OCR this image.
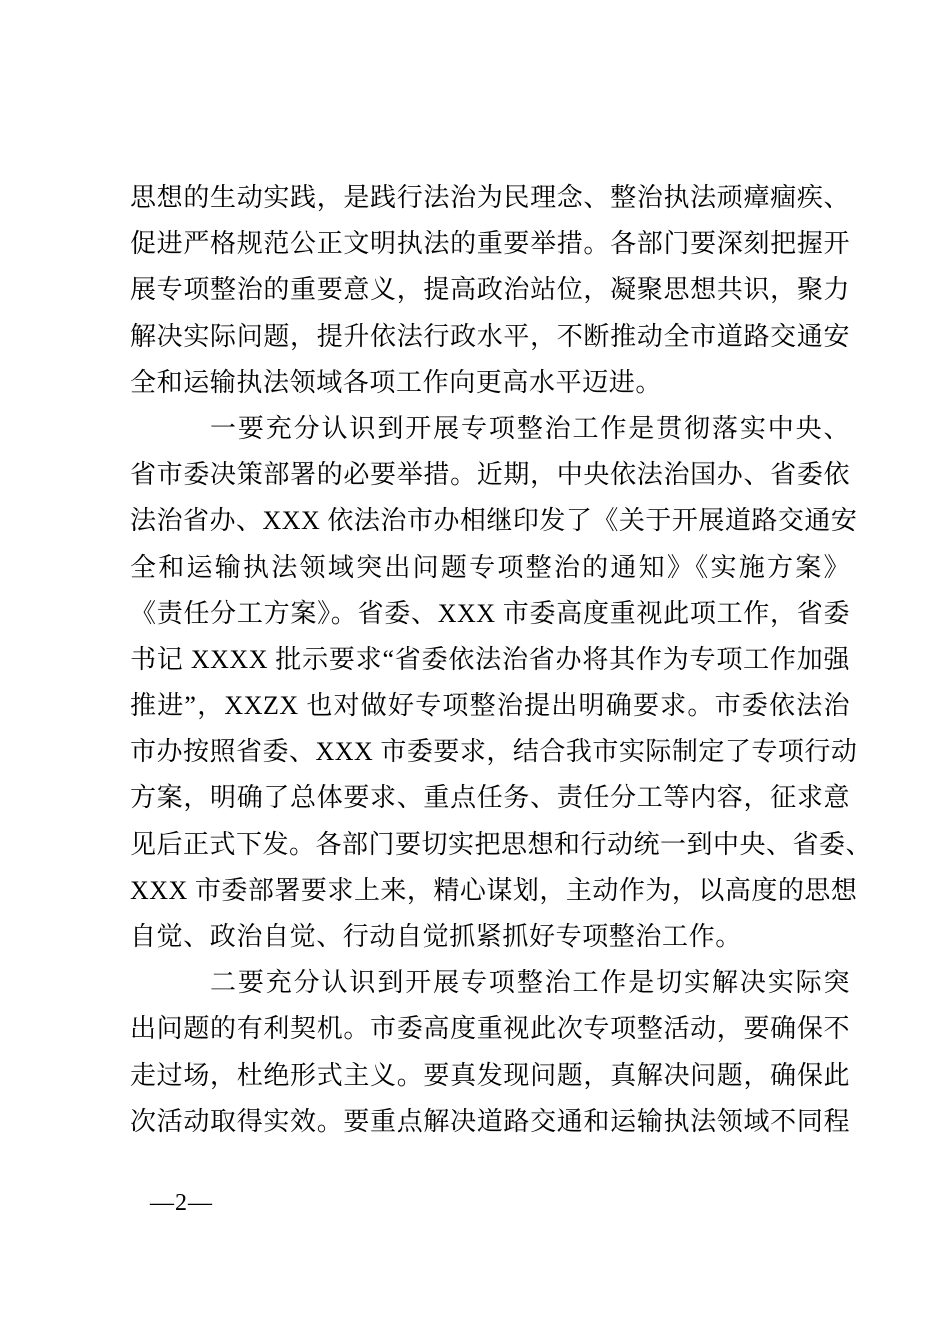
思想的生动实践，是践行法治为民理念、整治执法顽瘴痼疾、
促进严格规范公正文明执法的重要举措。各部门要深刻把握开
展专项整治的重要意义，提高政治站位，凝聚思想共识，聚力
解决实际问题，提升依法行政水平，不断推动全市道路交通安
全和运输执法领域各项工作向更高水平迈进。
一要充分认识到开展专项整治工作是贯彻落实中央、
省市委决策部署的必要举措。近期，中央依法治国办、省委依
法治省办、XXX 依法治市办相继印发了《关于开展道路交通安
全和运输执法领域突出问题专项整治的通知》《实施方案》
《责任分工方案》。省委、XXX 市委高度重视此项工作，省委
书记 XXXX 批示要求“省委依法治省办将其作为专项工作加强
推进”，XXZX 也对做好专项整治提出明确要求。市委依法治
市办按照省委、XXX 市委要求，结合我市实际制定了专项行动
方案，明确了总体要求、重点任务、责任分工等内容，征求意
见后正式下发。各部门要切实把思想和行动统一到中央、省委、
XXX 市委部署要求上来，精心谋划，主动作为，以高度的思想
自觉、政治自觉、行动自觉抓紧抓好专项整治工作。
二要充分认识到开展专项整治工作是切实解决实际突
出问题的有利契机。市委高度重视此次专项整活动，要确保不
走过场，杜绝形式主义。要真发现问题，真解决问题，确保此
次活动取得实效。要重点解决道路交通和运输执法领域不同程
—2—
